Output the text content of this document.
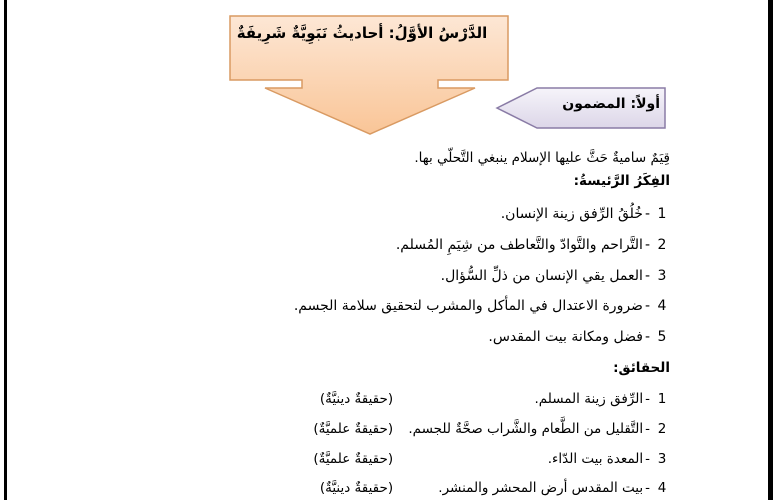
الدَّرْسُ الأوَّلُ: أحاديثُ نَبَوِيَّةٌ شَرِيفَةٌ
أولاً: المضمون
قِيَمٌ ساميةٌ حَثَّ عليها الإسلام ينبغي التَّحلّي بها.
الفِكَرُ الرَّئيسةُ:
1-خُلُقُ الرِّفق زينة الإنسان.
2-التَّراحم والتَّوادّ والتَّعاطف من شِيَمِ المُسلم.
3-العمل يقي الإنسان من ذلِّ السُّؤال.
4-ضرورة الاعتدال في المأكل والمشرب لتحقيق سلامة الجسم.
5-فضل ومكانة بيت المقدس.
الحقائق:
1-الرِّفق زينة المسلم.(حقيقةٌ دينيَّةٌ)
2-التَّقليل من الطَّعام والشَّراب صحَّةٌ للجسم.(حقيقةٌ علميَّةٌ)
3-المعدة بيت الدّاء.(حقيقةٌ علميَّةٌ)
4-بيت المقدس أرض المحشر والمنشر.(حقيقةٌ دينيَّةٌ)
